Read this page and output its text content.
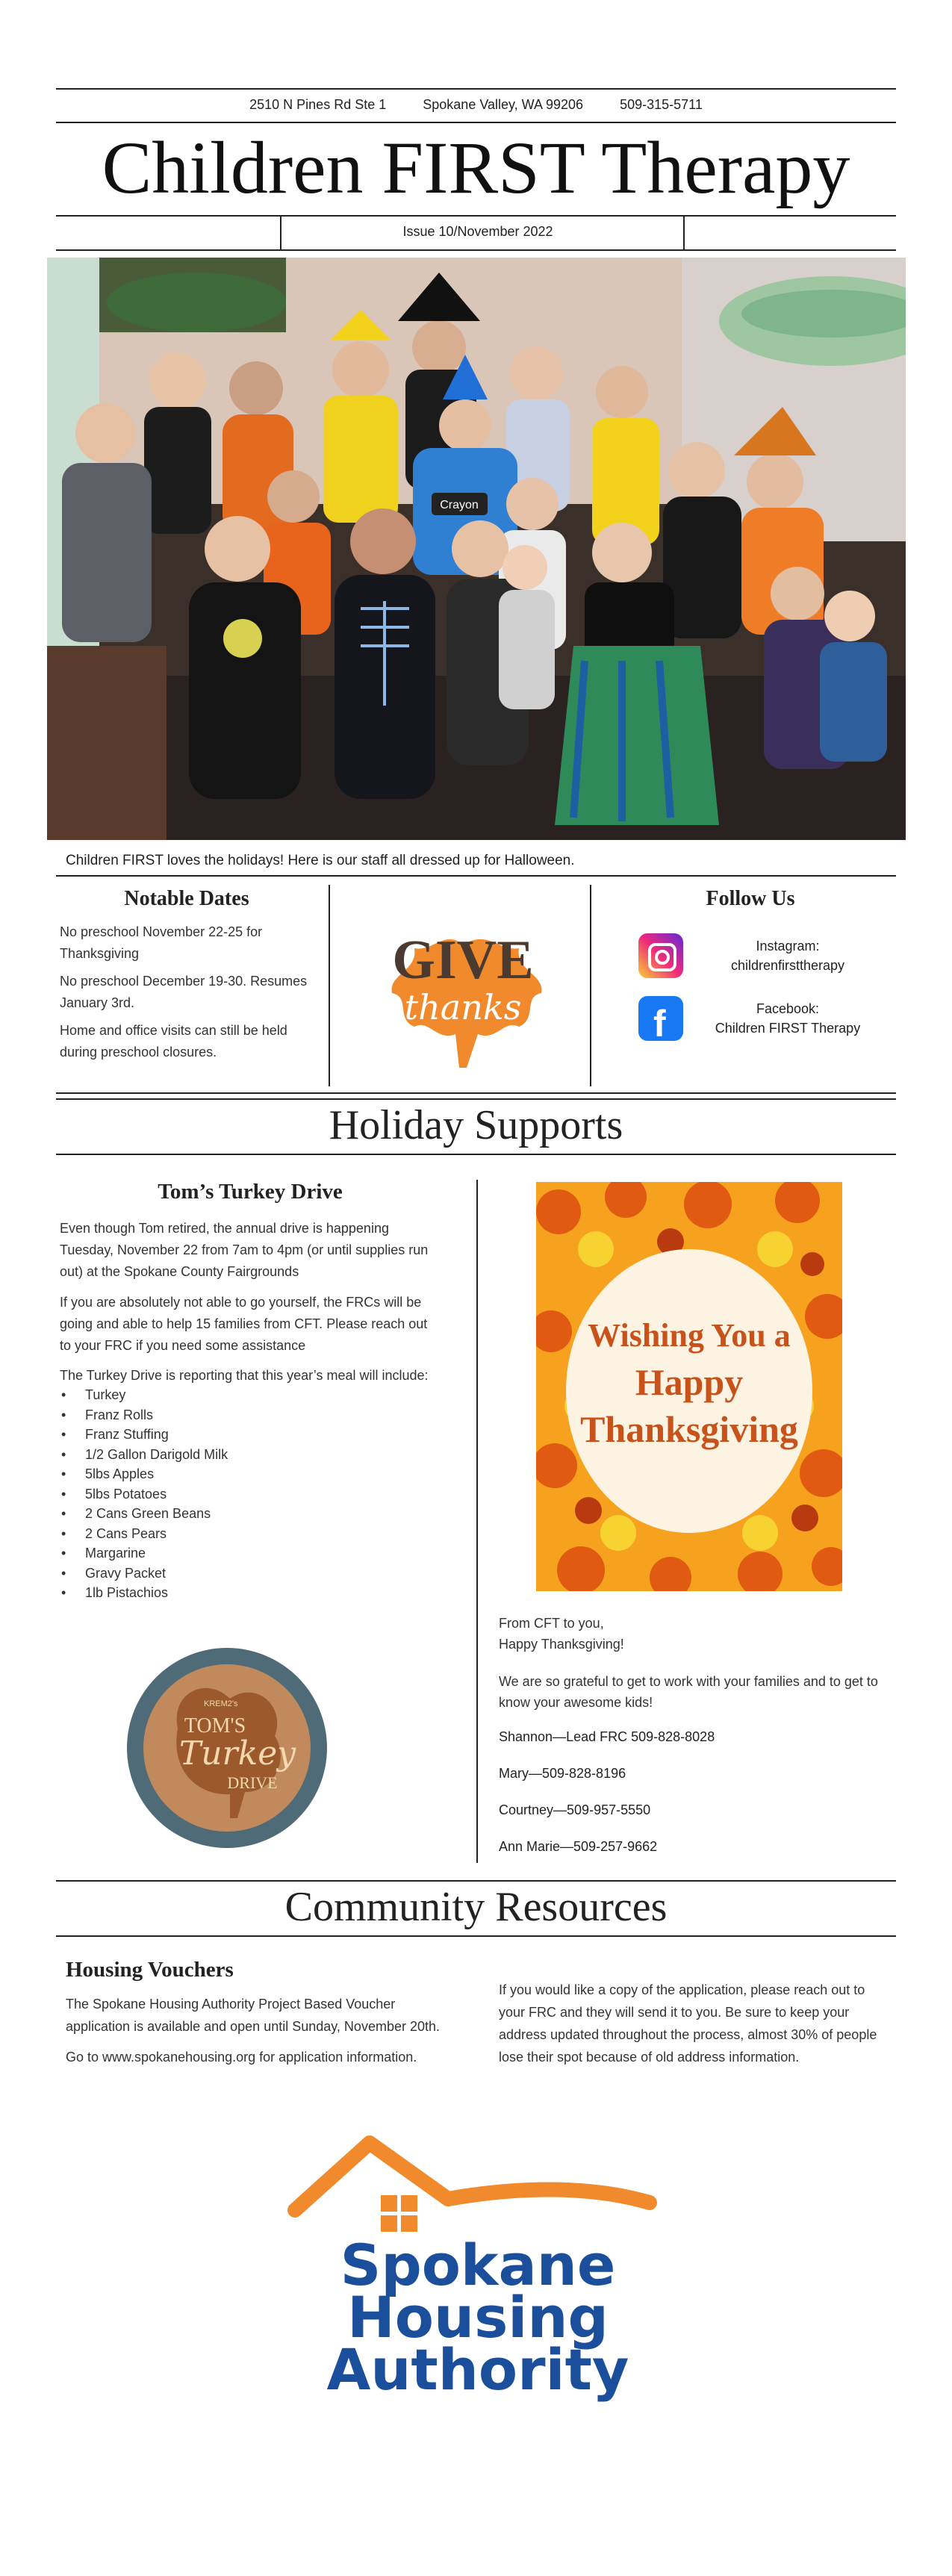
2510 N Pines Rd Ste 1	Spokane Valley, WA 99206	509-315-5711
Children FIRST Therapy
Issue 10/November 2022
Crayon
Children FIRST loves the holidays! Here is our staff all dressed up for Halloween.
Notable Dates
No preschool November 22-25 for Thanksgiving
No preschool December 19-30. Resumes January 3rd.
Home and office visits can still be held during preschool closures.
GIVE
thanks
Follow Us
Instagram:
childrenfirsttherapy
f	Facebook:
Children FIRST Therapy
Holiday Supports
Tom’s Turkey Drive
Even though Tom retired, the annual drive is happening Tuesday, November 22 from 7am to 4pm (or until supplies run out) at the Spokane County Fairgrounds
If you are absolutely not able to go yourself, the FRCs will be going and able to help 15 families from CFT. Please reach out to your FRC if you need some assistance
The Turkey Drive is reporting that this year’s meal will include:
• Turkey
• Franz Rolls
• Franz Stuffing
• 1/2 Gallon Darigold Milk
• 5lbs Apples
• 5lbs Potatoes
• 2 Cans Green Beans
• 2 Cans Pears
• Margarine
• Gravy Packet
• 1lb Pistachios
KREM2's
TOM'S
Turkey
DRIVE
Wishing You a
Happy
Thanksgiving
From CFT to you,
Happy Thanksgiving!
We are so grateful to get to work with your families and to get to know your awesome kids!
Shannon—Lead FRC 509-828-8028
Mary—509-828-8196
Courtney—509-957-5550
Ann Marie—509-257-9662
Community Resources
Housing Vouchers
The Spokane Housing Authority Project Based Voucher application is available and open until Sunday, November 20th.
Go to www.spokanehousing.org for application information.
If you would like a copy of the application, please reach out to your FRC and they will send it to you. Be sure to keep your address updated throughout the process, almost 30% of people lose their spot because of old address information.
Spokane
Housing
Authority
